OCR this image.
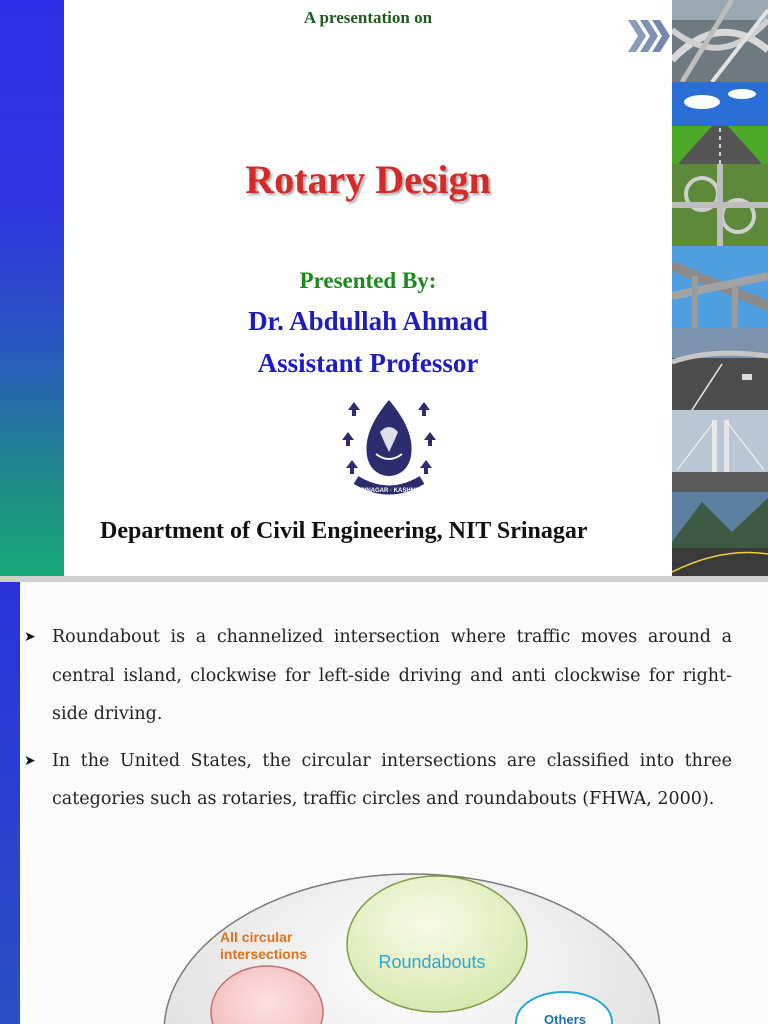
A presentation on

Rotary Design

Presented By:

Dr. Abdullah Ahmad

Assistant Professor

SRINAGAR · KASHMIR

Department of Civil Engineering, NIT Srinagar

➤ Roundabout is a channelized intersection where traffic moves around a central island, clockwise for left-side driving and anti clockwise for right-side driving.
➤ In the United States, the circular intersections are classified into three categories such as rotaries, traffic circles and roundabouts (FHWA, 2000).
All circular
intersections	Roundabouts
Others
